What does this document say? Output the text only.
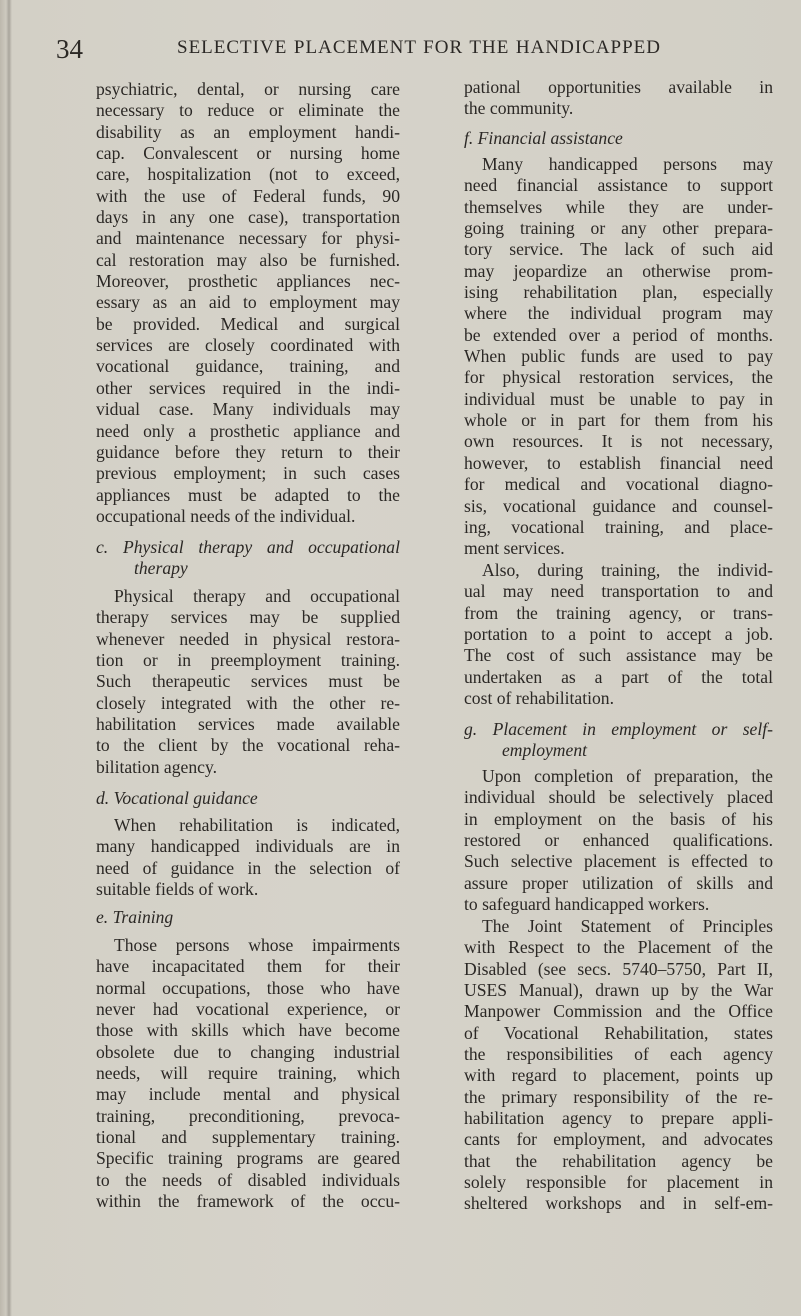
34	SELECTIVE PLACEMENT FOR THE HANDICAPPED
psychiatric, dental, or nursing care
necessary to reduce or eliminate the
disability as an employment handi-
cap. Convalescent or nursing home
care, hospitalization (not to exceed,
with the use of Federal funds, 90
days in any one case), transportation
and maintenance necessary for physi-
cal restoration may also be furnished.
Moreover, prosthetic appliances nec-
essary as an aid to employment may
be provided. Medical and surgical
services are closely coordinated with
vocational guidance, training, and
other services required in the indi-
vidual case. Many individuals may
need only a prosthetic appliance and
guidance before they return to their
previous employment; in such cases
appliances must be adapted to the
occupational needs of the individual.
c. Physical therapy and occupational
therapy
Physical therapy and occupational
therapy services may be supplied
whenever needed in physical restora-
tion or in preemployment training.
Such therapeutic services must be
closely integrated with the other re-
habilitation services made available
to the client by the vocational reha-
bilitation agency.
d. Vocational guidance
When rehabilitation is indicated,
many handicapped individuals are in
need of guidance in the selection of
suitable fields of work.
e. Training
Those persons whose impairments
have incapacitated them for their
normal occupations, those who have
never had vocational experience, or
those with skills which have become
obsolete due to changing industrial
needs, will require training, which
may include mental and physical
training, preconditioning, prevoca-
tional and supplementary training.
Specific training programs are geared
to the needs of disabled individuals
within the framework of the occu-
pational opportunities available in
the community.
f. Financial assistance
Many handicapped persons may
need financial assistance to support
themselves while they are under-
going training or any other prepara-
tory service. The lack of such aid
may jeopardize an otherwise prom-
ising rehabilitation plan, especially
where the individual program may
be extended over a period of months.
When public funds are used to pay
for physical restoration services, the
individual must be unable to pay in
whole or in part for them from his
own resources. It is not necessary,
however, to establish financial need
for medical and vocational diagno-
sis, vocational guidance and counsel-
ing, vocational training, and place-
ment services.
Also, during training, the individ-
ual may need transportation to and
from the training agency, or trans-
portation to a point to accept a job.
The cost of such assistance may be
undertaken as a part of the total
cost of rehabilitation.
g. Placement in employment or self-
employment
Upon completion of preparation, the
individual should be selectively placed
in employment on the basis of his
restored or enhanced qualifications.
Such selective placement is effected to
assure proper utilization of skills and
to safeguard handicapped workers.
The Joint Statement of Principles
with Respect to the Placement of the
Disabled (see secs. 5740–5750, Part II,
USES Manual), drawn up by the War
Manpower Commission and the Office
of Vocational Rehabilitation, states
the responsibilities of each agency
with regard to placement, points up
the primary responsibility of the re-
habilitation agency to prepare appli-
cants for employment, and advocates
that the rehabilitation agency be
solely responsible for placement in
sheltered workshops and in self-em-
